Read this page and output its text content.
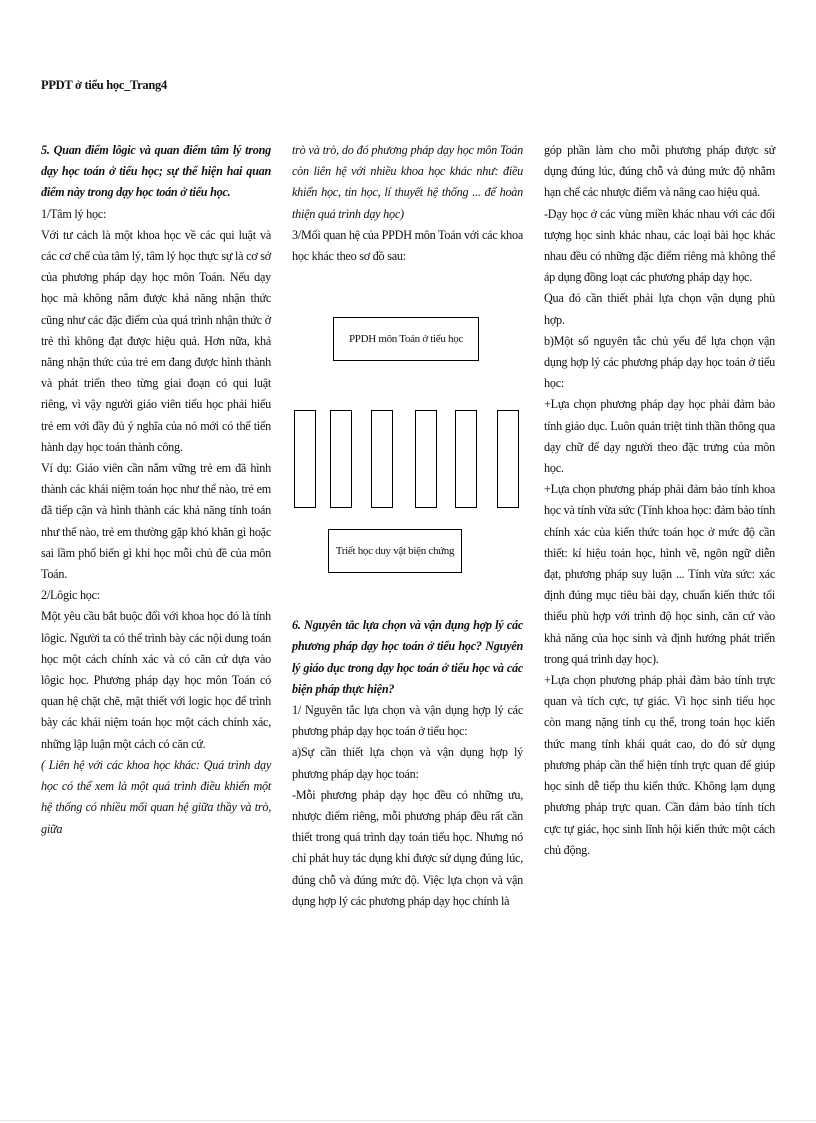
PPDT ở tiểu học_Trang4

5. Quan điểm lôgic và quan điểm tâm lý trong dạy học toán ở tiểu học; sự thể hiện hai quan điểm này trong dạy học toán ở tiểu học.

1/Tâm lý học:

Với tư cách là một khoa học về các qui luật và các cơ chế của tâm lý, tâm lý học thực sự là cơ sở của phương pháp dạy học môn Toán. Nếu dạy học mà không nắm được khả năng nhận thức cũng như các đặc điểm của quá trình nhận thức ở trẻ thì không đạt được hiệu quả. Hơn nữa, khả năng nhận thức của trẻ em đang được hình thành và phát triển theo từng giai đoạn có qui luật riêng, vì vậy người giáo viên tiểu học phải hiểu trẻ em với đầy đủ ý nghĩa của nó mới có thể tiến hành dạy học toán thành công.

Ví dụ: Giáo viên cần nắm vững trẻ em đã hình thành các khái niệm toán học như thế nào, trẻ em đã tiếp cận và hình thành các khả năng tính toán như thế nào, trẻ em thường gặp khó khăn gì hoặc sai lầm phổ biến gì khi học mỗi chủ đề của môn Toán.

2/Lôgic học:

Một yêu cầu bắt buộc đối với khoa học đó là tính lôgic. Người ta có thể trình bày các nội dung toán học một cách chính xác và có căn cứ dựa vào lôgic học. Phương pháp dạy học môn Toán có quan hệ chặt chẽ, mật thiết với logic học để trình bày các khái niệm toán học một cách chính xác, những lập luận một cách có căn cứ.

( Liên hệ với các khoa học khác: Quá trình dạy học có thể xem là một quá trình điều khiển một hệ thống có nhiều mối quan hệ giữa thầy và trò, giữa

trò và trò, do đó phương pháp dạy học môn Toán còn liên hệ với nhiều khoa học khác như: điều khiển học, tin học, lí thuyết hệ thống ... để hoàn thiện quá trình dạy học)

3/Mối quan hệ của PPDH môn Toán với các khoa học khác theo sơ đồ sau:

PPDH môn Toán ở tiểu học
Triết học duy vật biện chứng

6. Nguyên tắc lựa chọn và vận dụng hợp lý các phương pháp dạy học toán ở tiểu học? Nguyên lý giáo dục trong dạy học toán ở tiểu học và các biện pháp thực hiện?

1/ Nguyên tắc lựa chọn và vận dụng hợp lý các phương pháp dạy học toán ở tiểu học:

a)Sự cần thiết lựa chọn và vận dụng hợp lý phương pháp dạy học toán:

-Mỗi phương pháp dạy học đều có những ưu, nhược điểm riêng, mỗi phương pháp đều rất cần thiết trong quá trình dạy toán tiểu học. Nhưng nó chỉ phát huy tác dụng khi được sử dụng đúng lúc, đúng chỗ và đúng mức độ. Việc lựa chọn và vận dụng hợp lý các phương pháp dạy học chính là

góp phần làm cho mỗi phương pháp được sử dụng đúng lúc, đúng chỗ và đúng mức độ nhằm hạn chế các nhược điểm và nâng cao hiệu quả.

-Dạy học ở các vùng miền khác nhau với các đối tượng học sinh khác nhau, các loại bài học khác nhau đều có những đặc điểm riêng mà không thể áp dụng đồng loạt các phương pháp dạy học.

Qua đó cần thiết phải lựa chọn vận dụng phù hợp.

b)Một số nguyên tắc chủ yếu để lựa chọn vận dụng hợp lý các phương pháp dạy học toán ở tiểu học:

+Lựa chọn phương pháp dạy học phải đảm bảo tính giáo dục. Luôn quán triệt tinh thần thông qua dạy chữ để dạy người theo đặc trưng của môn học.

+Lựa chọn phương pháp phải đảm bảo tính khoa học và tính vừa sức (Tính khoa học: đảm bảo tính chính xác của kiến thức toán học ở mức độ cần thiết: kí hiệu toán học, hình vẽ, ngôn ngữ diễn đạt, phương pháp suy luận ... Tính vừa sức: xác định đúng mục tiêu bài dạy, chuẩn kiến thức tối thiểu phù hợp với trình độ học sinh, căn cứ vào khả năng của học sinh và định hướng phát triển trong quá trình dạy học).

+Lựa chọn phương pháp phải đảm bảo tính trực quan và tích cực, tự giác. Vì học sinh tiểu học còn mang nặng tính cụ thể, trong toán học kiến thức mang tính khái quát cao, do đó sử dụng phương pháp cần thể hiện tính trực quan để giúp học sinh dễ tiếp thu kiến thức. Không lạm dụng phương pháp trực quan. Cần đảm bảo tính tích cực tự giác, học sinh lĩnh hội kiến thức một cách chủ động.
